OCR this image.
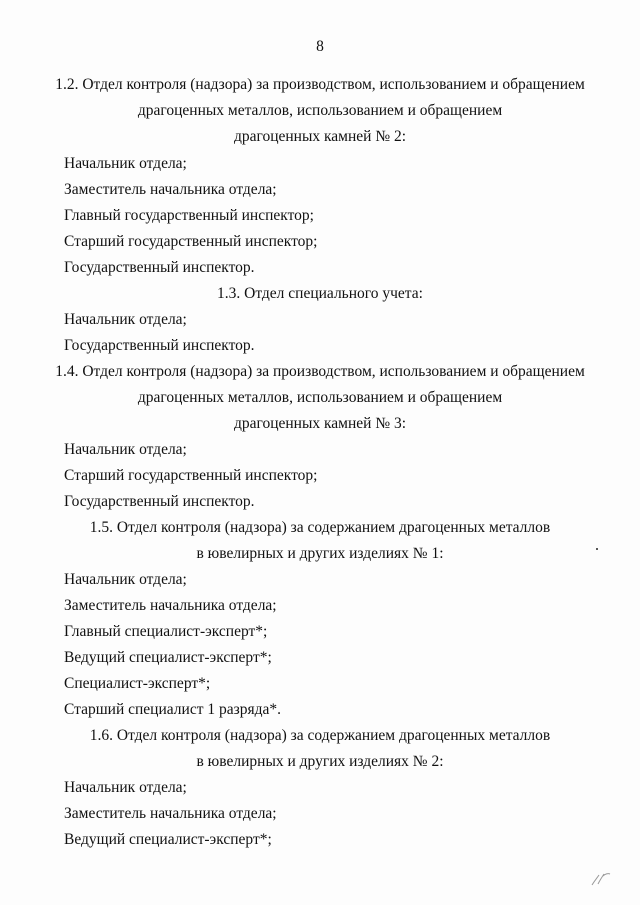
8
1.2. Отдел контроля (надзора) за производством, использованием и обращением
драгоценных металлов, использованием и обращением
драгоценных камней № 2:
Начальник отдела;
Заместитель начальника отдела;
Главный государственный инспектор;
Старший государственный инспектор;
Государственный инспектор.
1.3. Отдел специального учета:
Начальник отдела;
Государственный инспектор.
1.4. Отдел контроля (надзора) за производством, использованием и обращением
драгоценных металлов, использованием и обращением
драгоценных камней № 3:
Начальник отдела;
Старший государственный инспектор;
Государственный инспектор.
1.5. Отдел контроля (надзора) за содержанием драгоценных металлов
в ювелирных и других изделиях № 1:
Начальник отдела;
Заместитель начальника отдела;
Главный специалист-эксперт*;
Ведущий специалист-эксперт*;
Специалист-эксперт*;
Старший специалист 1 разряда*.
1.6. Отдел контроля (надзора) за содержанием драгоценных металлов
в ювелирных и других изделиях № 2:
Начальник отдела;
Заместитель начальника отдела;
Ведущий специалист-эксперт*;
